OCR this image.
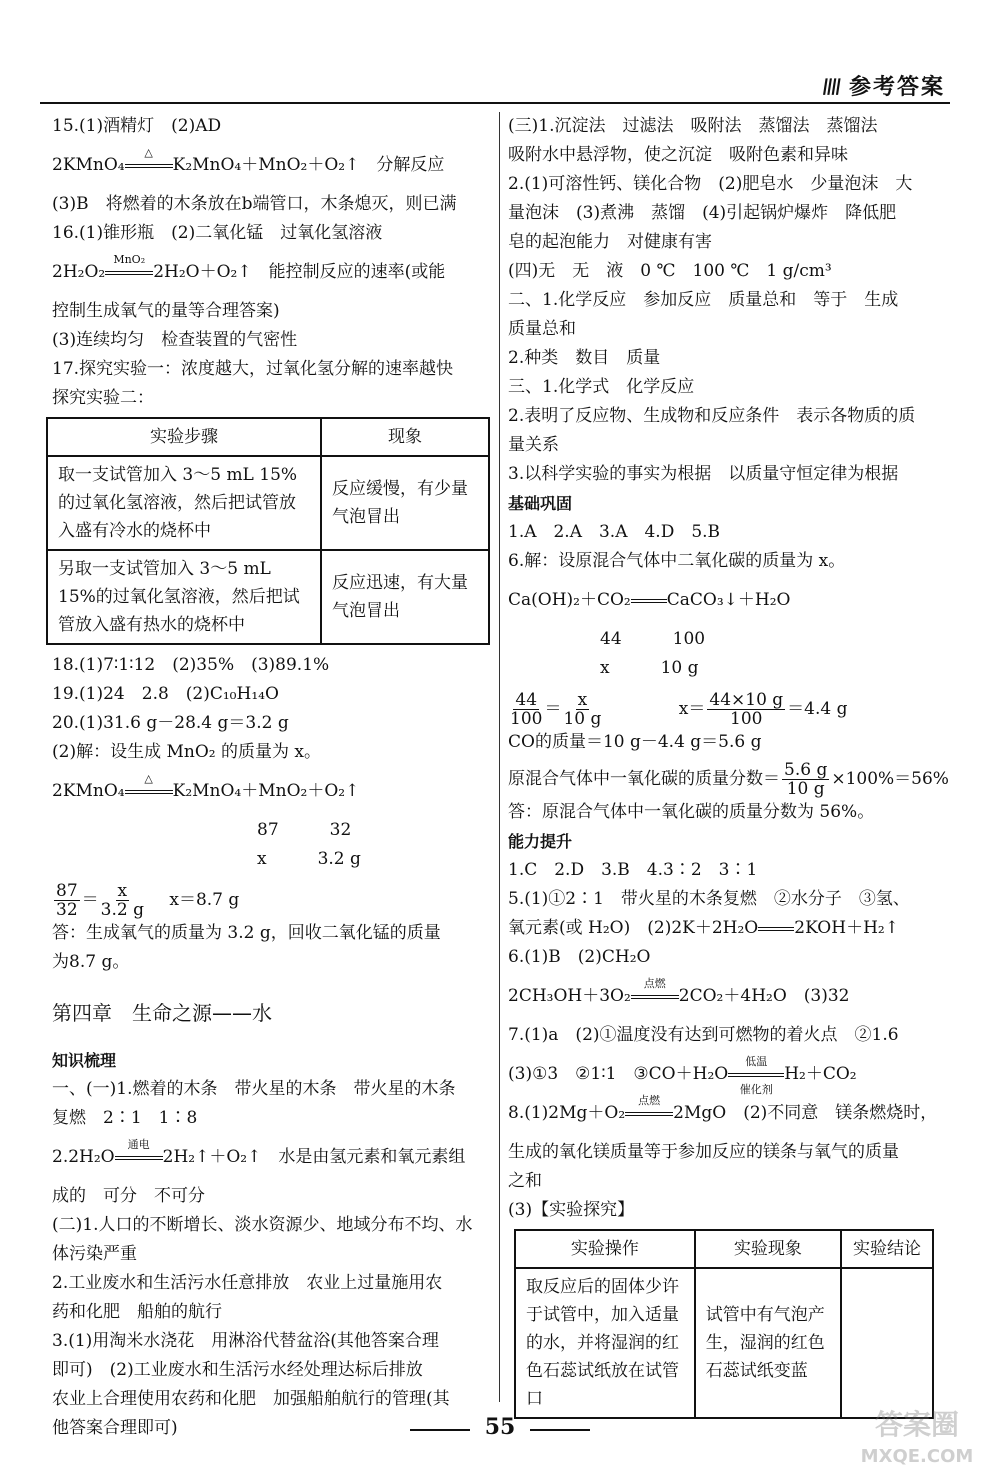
\\\\ 参考答案
15.(1)酒精灯　(2)AD
2KMnO₄
△
K₂MnO₄＋MnO₂＋O₂↑　分解反应
(3)B　将燃着的木条放在b端管口，木条熄灭，则已满
16.(1)锥形瓶　(2)二氧化锰　过氧化氢溶液
2H₂O₂
MnO₂
2H₂O＋O₂↑　能控制反应的速率(或能
控制生成氧气的量等合理答案)
(3)连续均匀　检查装置的气密性
17.探究实验一：浓度越大，过氧化氢分解的速率越快
探究实验二：
实验步骤	现象
取一支试管加入 3～5 mL 15%的过氧化氢溶液，然后把试管放入盛有冷水的烧杯中	反应缓慢，有少量气泡冒出
另取一支试管加入 3～5 mL 15%的过氧化氢溶液，然后把试管放入盛有热水的烧杯中	反应迅速，有大量气泡冒出
18.(1)7∶1∶12　(2)35%　(3)89.1%
19.(1)24　2.8　(2)C₁₀H₁₄O
20.(1)31.6 g－28.4 g＝3.2 g
(2)解：设生成 MnO₂ 的质量为 x。
2KMnO₄
△
K₂MnO₄＋MnO₂＋O₂↑
87　　　32
x　　　3.2 g
$\frac{87}{32} = \frac{x}{3.2 g} x=8.7$ g
答：生成氧气的质量为 3.2 g，回收二氧化锰的质量
为8.7 g。
第四章　生命之源——水
知识梳理
一、(一)1.燃着的木条　带火星的木条　带火星的木条
复燃　2∶1　1∶8
2.2H₂O
通电
2H₂↑＋O₂↑　水是由氢元素和氧元素组
成的　可分　不可分
(二)1.人口的不断增长、淡水资源少、地域分布不均、水
体污染严重
2.工业废水和生活污水任意排放　农业上过量施用农
药和化肥　船舶的航行
3.(1)用淘米水浇花　用淋浴代替盆浴(其他答案合理
即可)　(2)工业废水和生活污水经处理达标后排放
农业上合理使用农药和化肥　加强船舶航行的管理(其
他答案合理即可)
(三)1.沉淀法　过滤法　吸附法　蒸馏法　蒸馏法
吸附水中悬浮物，使之沉淀　吸附色素和异味
2.(1)可溶性钙、镁化合物　(2)肥皂水　少量泡沫　大
量泡沫　(3)煮沸　蒸馏　(4)引起锅炉爆炸　降低肥
皂的起泡能力　对健康有害
(四)无　无　液　0 ℃　100 ℃　1 g/cm³
二、1.化学反应　参加反应　质量总和　等于　生成
质量总和
2.种类　数目　质量
三、1.化学式　化学反应
2.表明了反应物、生成物和反应条件　表示各物质的质
量关系
3.以科学实验的事实为根据　以质量守恒定律为根据
基础巩固
1.A　2.A　3.A　4.D　5.B
6.解：设原混合气体中二氧化碳的质量为 x。
Ca(OH)₂＋CO₂ CaCO₃↓＋H₂O
44　　　100
x　　　10 g
$\frac{44}{100} = \frac{x}{10 g}$	$x= \frac{44\times 10 g}{100} =4.4$ g
CO的质量＝10 g－4.4 g＝5.6 g
原混合气体中一氧化碳的质量分数＝ $\frac{5.6 g}{10 g} \times 100\%=56\%$
答：原混合气体中一氧化碳的质量分数为 56%。
能力提升
1.C　2.D　3.B　4.3∶2　3∶1
5.(1)①2∶1　带火星的木条复燃　②水分子　③氢、
氧元素(或 H₂O)　(2)2K＋2H₂O 2KOH＋H₂↑
6.(1)B　(2)CH₂O
2CH₃OH＋3O₂
点燃
2CO₂＋4H₂O　(3)32
7.(1)a　(2)①温度没有达到可燃物的着火点　②1.6
(3)①3　②1∶1　③CO＋H₂O
低温
催化剂
H₂＋CO₂
8.(1)2Mg＋O₂
点燃
2MgO　(2)不同意　镁条燃烧时，
生成的氧化镁质量等于参加反应的镁条与氧气的质量
之和
(3)【实验探究】
实验操作	实验现象	实验结论
取反应后的固体少许于试管中，加入适量的水，并将湿润的红色石蕊试纸放在试管口	试管中有气泡产生，湿润的红色石蕊试纸变蓝	
55	答案圈
MXQE.COM
